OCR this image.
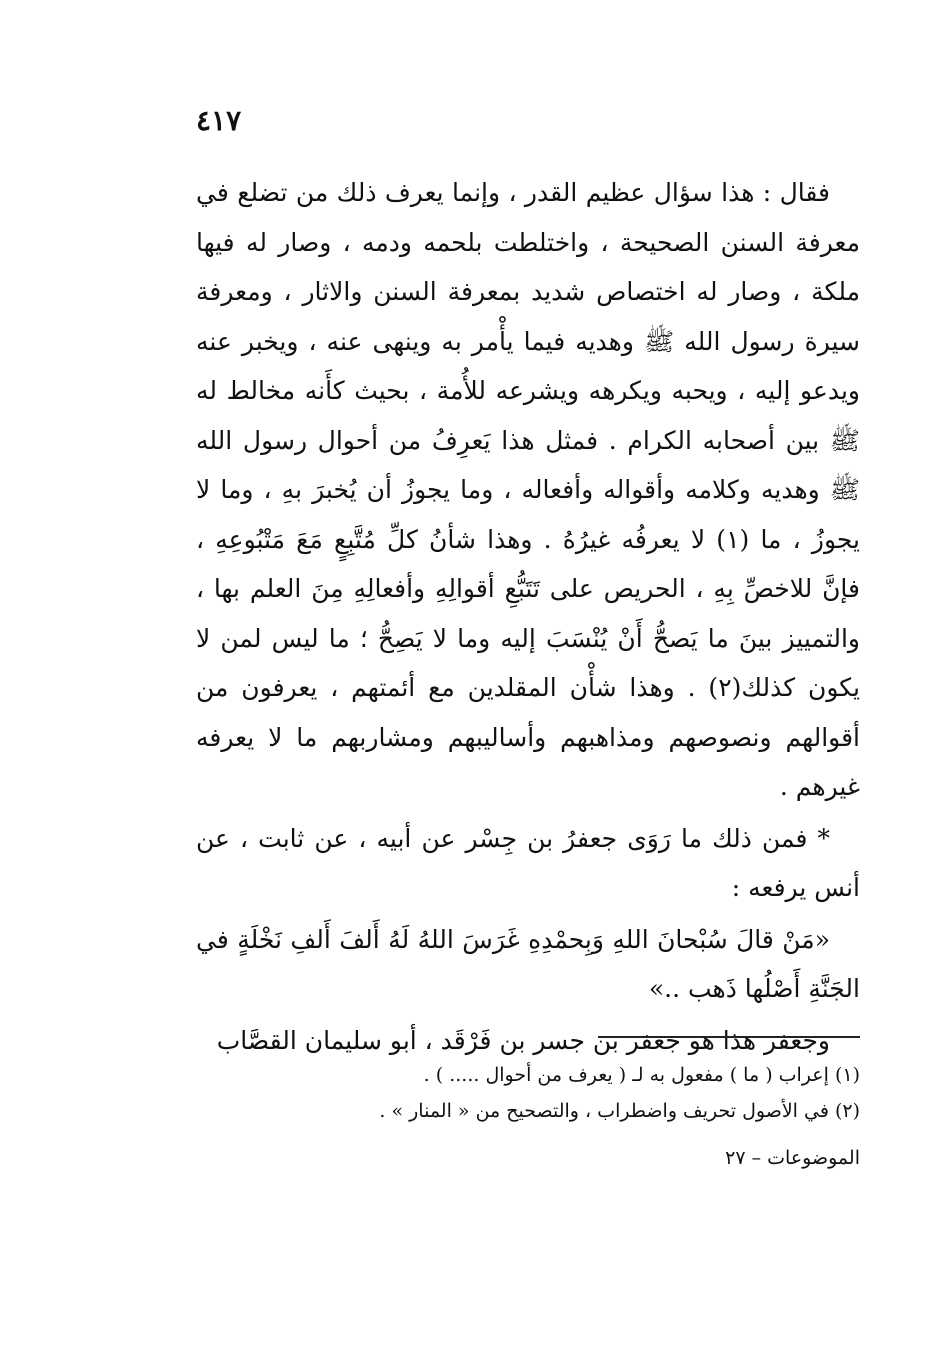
٤١٧

فقال : هذا سؤال عظيم القدر ، وإنما يعرف ذلك من تضلع في معرفة السنن الصحيحة ، واختلطت بلحمه ودمه ، وصار له فيها ملكة ، وصار له اختصاص شديد بمعرفة السنن والاثار ، ومعرفة سيرة رسول الله ﷺ وهديه فيما يأْمر به وينهى عنه ، ويخبر عنه ويدعو إليه ، ويحبه ويكرهه ويشرعه للأُمة ، بحيث كأَنه مخالط له ﷺ بين أصحابه الكرام . فمثل هذا يَعرِفُ من أحوال رسول الله ﷺ وهديه وكلامه وأقواله وأفعاله ، وما يجوزُ أن يُخبرَ بهِ ، وما لا يجوزُ ، ما (١) لا يعرفُه غيرُهُ . وهذا شأنُ كلِّ مُتَّبِعٍ مَعَ مَتْبُوعِهِ ، فإنَّ للاخصِّ بِهِ ، الحريص على تَتَبُّعِ أقوالِهِ وأفعالِهِ مِنَ العلم بها ، والتمييز بينَ ما يَصحُّ أَنْ يُنْسَبَ إليه وما لا يَصِحُّ ؛ ما ليس لمن لا يكون كذلك(٢) . وهذا شأْن المقلدين مع أئمتهم ، يعرفون من أقوالهم ونصوصهم ومذاهبهم وأساليبهم ومشاربهم ما لا يعرفه غيرهم .

* فمن ذلك ما رَوَى جعفرُ بن جِسْر عن أبيه ، عن ثابت ، عن أنس يرفعه :

«مَنْ قالَ سُبْحانَ اللهِ وَبِحمْدِهِ غَرَسَ اللهُ لَهُ أَلفَ أَلفِ نَخْلَةٍ في الجَنَّةِ أَصْلُها ذَهب ..»

وجعفر هذا هو جعفر بن جسر بن فَرْقَد ، أبو سليمان القصَّاب

(١) إعراب ( ما ) مفعول به لـ ( يعرف من أحوال ..... ) .

(٢) في الأصول تحريف واضطراب ، والتصحيح من « المنار » .

الموضوعات – ٢٧
